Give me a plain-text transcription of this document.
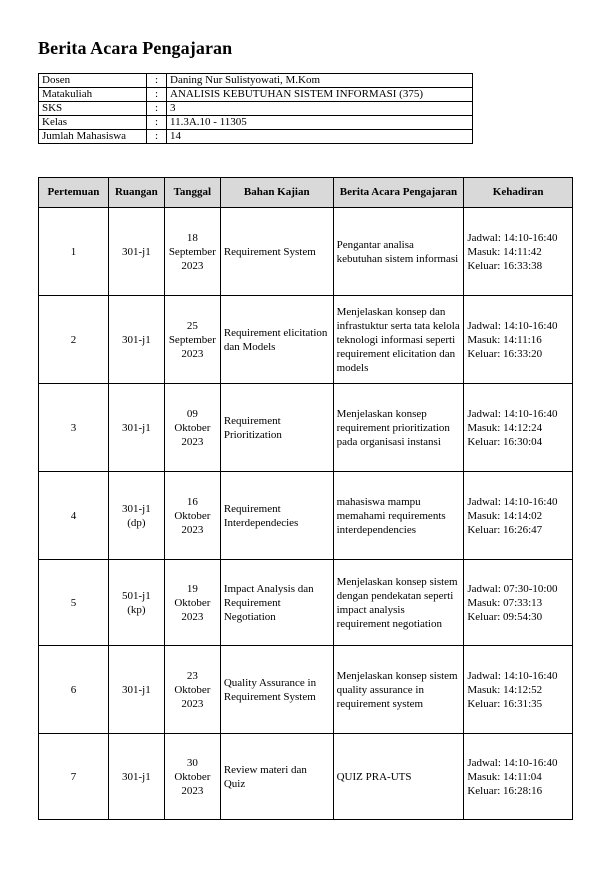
Berita Acara Pengajaran
Dosen	:	Daning Nur Sulistyowati, M.Kom
Matakuliah	:	ANALISIS KEBUTUHAN SISTEM INFORMASI (375)
SKS	:	3
Kelas	:	11.3A.10 - 11305
Jumlah Mahasiswa	:	14
Pertemuan	Ruangan	Tanggal	Bahan Kajian	Berita Acara Pengajaran	Kehadiran
1	301-j1	18 September 2023	Requirement System	Pengantar analisa kebutuhan sistem informasi	Jadwal: 14:10-16:40 Masuk: 14:11:42 Keluar: 16:33:38
2	301-j1	25 September 2023	Requirement elicitation dan Models	Menjelaskan konsep dan infrastuktur serta tata kelola teknologi informasi seperti requirement elicitation dan models	Jadwal: 14:10-16:40 Masuk: 14:11:16 Keluar: 16:33:20
3	301-j1	09 Oktober 2023	Requirement Prioritization	Menjelaskan konsep requirement prioritization pada organisasi instansi	Jadwal: 14:10-16:40 Masuk: 14:12:24 Keluar: 16:30:04
4	301-j1 (dp)	16 Oktober 2023	Requirement Interdependecies	mahasiswa mampu memahami requirements interdependencies	Jadwal: 14:10-16:40 Masuk: 14:14:02 Keluar: 16:26:47
5	501-j1 (kp)	19 Oktober 2023	Impact Analysis dan Requirement Negotiation	Menjelaskan konsep sistem dengan pendekatan seperti impact analysis requirement negotiation	Jadwal: 07:30-10:00 Masuk: 07:33:13 Keluar: 09:54:30
6	301-j1	23 Oktober 2023	Quality Assurance in Requirement System	Menjelaskan konsep sistem quality assurance in requirement system	Jadwal: 14:10-16:40 Masuk: 14:12:52 Keluar: 16:31:35
7	301-j1	30 Oktober 2023	Review materi dan Quiz	QUIZ PRA-UTS	Jadwal: 14:10-16:40 Masuk: 14:11:04 Keluar: 16:28:16
